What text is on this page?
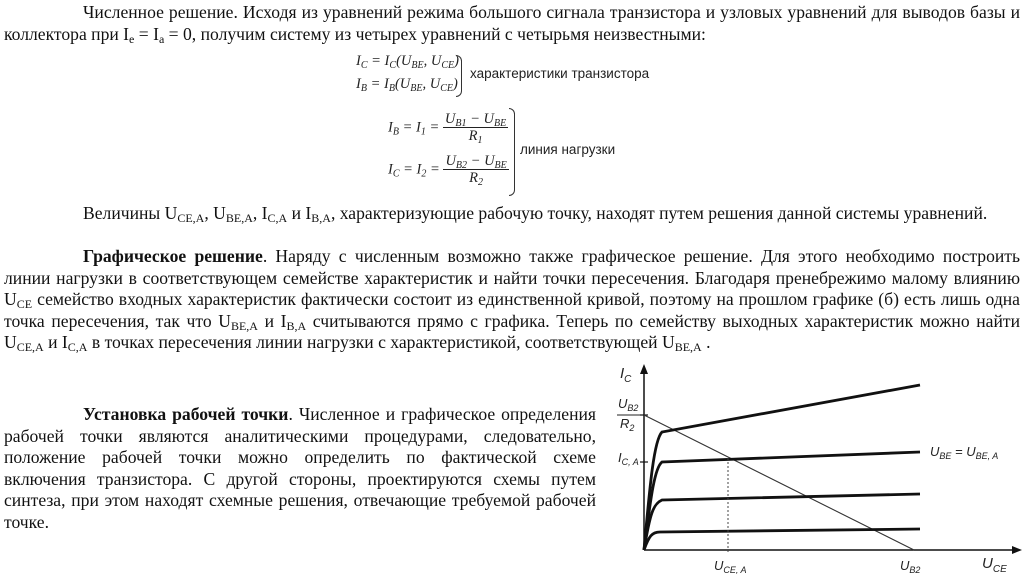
Численное решение. Исходя из уравнений режима большого сигнала транзистора и узловых уравнений для выводов базы и коллектора при $I_e = I_a = 0$, получим систему из четырех уравнений с четырьмя неизвестными:

$I_C = I_C(U_{BE}$, $U_{CE}$)
$I_B = I_B(U_{BE}$, $U_{CE}$)
характеристики транзистора
$I_B = I_1 = \frac{U_{B1} - U_{BE}}{R_1}$
$I_C = I_2 = \frac{U_{B2} - U_{BE}}{R_2}$
линия нагрузки

Величины $U_{CE,A}$, $U_{BE,A}$, $I_{C,A}$ и $I_{B,A}$, характеризующие рабочую точку, находят путем решения данной системы уравнений.

Графическое решение. Наряду с численным возможно также графическое решение. Для этого необходимо построить линии нагрузки в соответствующем семействе характеристик и найти точки пересечения. Благодаря пренебрежимо малому влиянию $U_{CE}$ семейство входных характеристик фактически состоит из единственной кривой, поэтому на прошлом графике (б) есть лишь одна точка пересечения, так что $U_{BE,A}$ и $I_{B,A}$ считываются прямо с графика. Теперь по семейству выходных характеристик можно найти $U_{CE,A}$ и $I_{C,A}$ в точках пересечения линии нагрузки с характеристикой, соответствующей $U_{BE,A}$ .

Установка рабочей точки. Численное и графическое определения рабочей точки являются аналитическими процедурами, следовательно, положение рабочей точки можно определить по фактической схеме включения транзистора. С другой стороны, проектируются схемы путем синтеза, при этом находят схемные решения, отвечающие требуемой рабочей точке.

$I_C$
$U_{CE}$
$U_{B2}$
$R_2$
$I_{C, A}$
$U_{CE, A}$	$U_{B2}$
$U_{BE} = U_{BE, A}$
